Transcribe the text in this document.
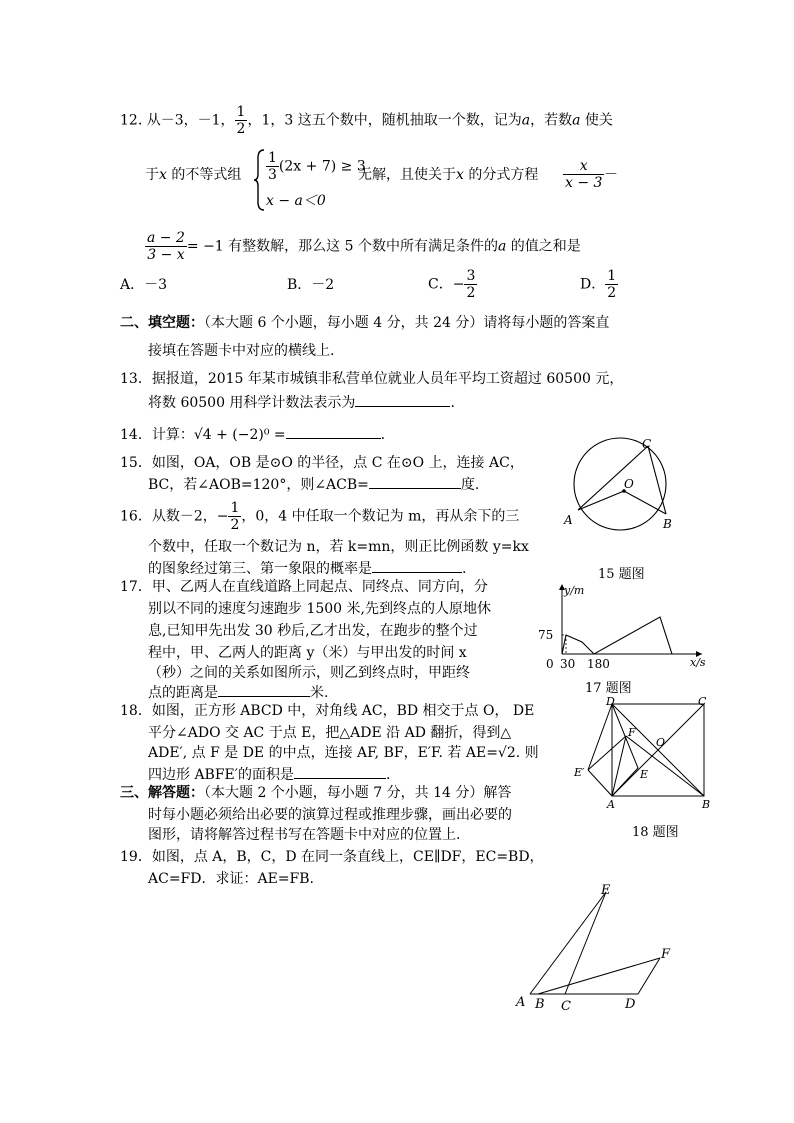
12. 从－3，－1， $\frac{1}{2}$ ，1，3 这五个数中，随机抽取一个数，记为a，若数a 使关
于x 的不等式组 $\frac{1}{3} (2x + 7) \ge 3$
x − a＜0
无解，且使关于x 的分式方程 $\frac{x}{x - 3}$ －
$\frac{a - 2}{3 - x} = -1$ 有整数解，那么这 5 个数中所有满足条件的a 的值之和是
A．－3	B．－2	C．− $\frac{3}{2}$	D． $\frac{1}{2}$
二、填空题：（本大题 6 个小题，每小题 4 分，共 24 分）请将每小题的答案直
接填在答题卡中对应的横线上.
13．据报道，2015 年某市城镇非私营单位就业人员年平均工资超过 60500 元，
将数 60500 用科学计数法表示为	.
14．计算：√4 + (−2)⁰ =	.
15．如图，OA，OB 是⊙O 的半径，点 C 在⊙O 上，连接 AC，
BC，若∠AOB=120°，则∠ACB=	度.
C
O
A	B
15 题图
16．从数－2，− $\frac{1}{2}$ ，0，4 中任取一个数记为 m，再从余下的三
个数中，任取一个数记为 n，若 k=mn，则正比例函数 y=kx
的图象经过第三、第一象限的概率是	.
17．甲、乙两人在直线道路上同起点、同终点、同方向，分
别以不同的速度匀速跑步 1500 米,先到终点的人原地休
息,已知甲先出发 30 秒后,乙才出发，在跑步的整个过
程中，甲、乙两人的距离 y（米）与甲出发的时间 x
（秒）之间的关系如图所示，则乙到终点时，甲距终
点的距离是	米.
y/m
x/s
75
0 30 180
17 题图
18．如图，正方形 ABCD 中，对角线 AC，BD 相交于点 O， DE
平分∠ADO 交 AC 于点 E，把△ADE 沿 AD 翻折，得到△
ADE′, 点 F 是 DE 的中点，连接 AF, BF，E′F. 若 AE=√2. 则
四边形 ABFE′的面积是	.
D	C
F
O
E′	E
A	B
18 题图
三、解答题：（本大题 2 个小题，每小题 7 分，共 14 分）解答
时每小题必须给出必要的演算过程或推理步骤，画出必要的
图形，请将解答过程书写在答题卡中对应的位置上.
19．如图，点 A，B，C，D 在同一条直线上，CE∥DF，EC=BD，
AC=FD．求证：AE=FB.
E
F
A B C	D
